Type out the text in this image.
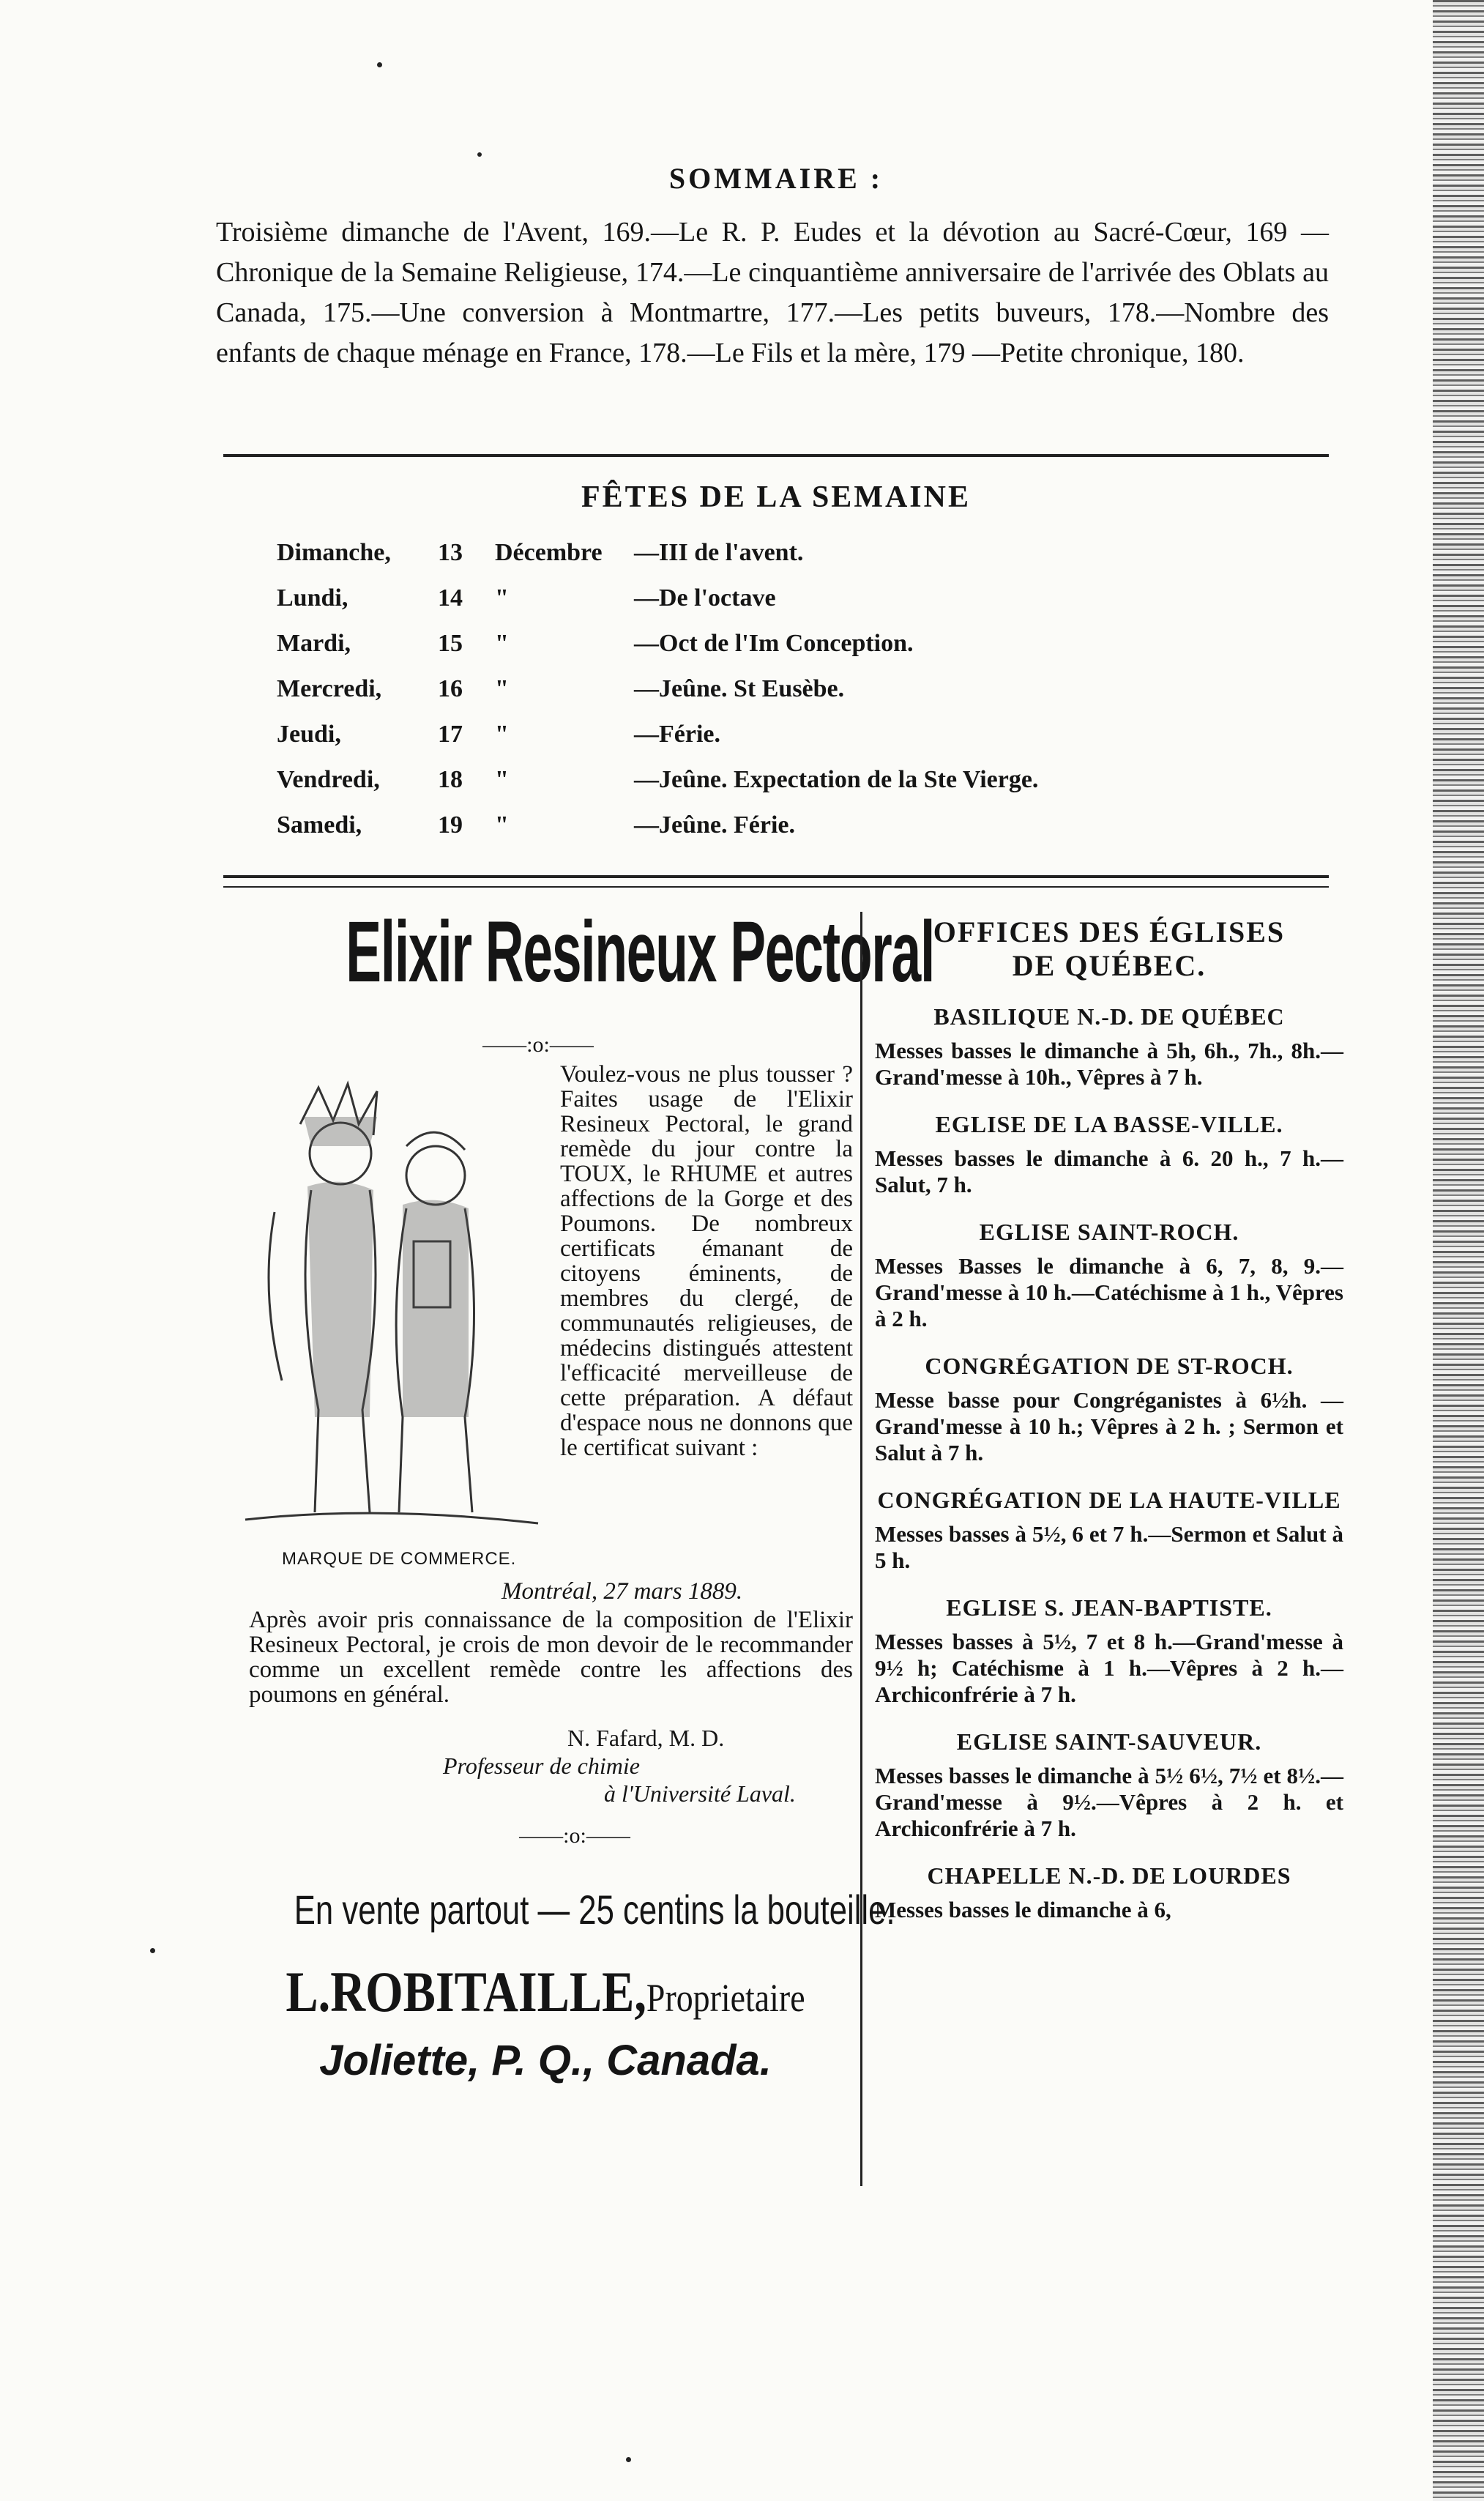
SOMMAIRE :
Troisième dimanche de l'Avent, 169.—Le R. P. Eudes et la dévotion au Sacré-Cœur, 169 —Chronique de la Semaine Religieuse, 174.—Le cinquantième anniversaire de l'arrivée des Oblats au Canada, 175.—Une conversion à Montmartre, 177.—Les petits buveurs, 178.—Nombre des enfants de chaque ménage en France, 178.—Le Fils et la mère, 179 —Petite chronique, 180.
FÊTES DE LA SEMAINE
Dimanche,	13	Décembre	—III de l'avent.
Lundi,	14	"	—De l'octave
Mardi,	15	"	—Oct de l'Im Conception.
Mercredi,	16	"	—Jeûne. St Eusèbe.
Jeudi,	17	"	—Férie.
Vendredi,	18	"	—Jeûne. Expectation de la Ste Vierge.
Samedi,	19	"	—Jeûne. Férie.
Elixir Resineux Pectoral
——:o:——
MARQUE DE COMMERCE.
Voulez-vous ne plus tousser ? Faites usage de l'Elixir Resineux Pectoral, le grand remède du jour contre la TOUX, le RHUME et autres affections de la Gorge et des Poumons. De nombreux certificats émanant de citoyens éminents, de membres du clergé, de communautés religieuses, de médecins distingués attestent l'efficacité merveilleuse de cette préparation. A défaut d'espace nous ne donnons que le certificat suivant :
Montréal, 27 mars 1889.
Après avoir pris connaissance de la composition de l'Elixir Resineux Pectoral, je crois de mon devoir de le recommander comme un excellent remède contre les affections des poumons en général.
N. Fafard, M. D.
Professeur de chimie
à l'Université Laval.
——:o:——
En vente partout — 25 centins la bouteille.
L.ROBITAILLE,Proprietaire
Joliette, P. Q., Canada.
OFFICES DES ÉGLISES
DE QUÉBEC.
BASILIQUE N.-D. DE QUÉBEC
Messes basses le dimanche à 5h, 6h., 7h., 8h.—Grand'messe à 10h., Vêpres à 7 h.
EGLISE DE LA BASSE-VILLE.
Messes basses le dimanche à 6. 20 h., 7 h.—Salut, 7 h.
EGLISE SAINT-ROCH.
Messes Basses le dimanche à 6, 7, 8, 9.—Grand'messe à 10 h.—Catéchisme à 1 h., Vêpres à 2 h.
CONGRÉGATION DE ST-ROCH.
Messe basse pour Congréganistes à 6½h. — Grand'messe à 10 h.; Vêpres à 2 h. ; Sermon et Salut à 7 h.
CONGRÉGATION DE LA HAUTE-VILLE
Messes basses à 5½, 6 et 7 h.—Sermon et Salut à 5 h.
EGLISE S. JEAN-BAPTISTE.
Messes basses à 5½, 7 et 8 h.—Grand'messe à 9½ h; Catéchisme à 1 h.—Vêpres à 2 h.— Archiconfrérie à 7 h.
EGLISE SAINT-SAUVEUR.
Messes basses le dimanche à 5½ 6½, 7½ et 8½.—Grand'messe à 9½.—Vêpres à 2 h. et Archiconfrérie à 7 h.
CHAPELLE N.-D. DE LOURDES
Messes basses le dimanche à 6,
